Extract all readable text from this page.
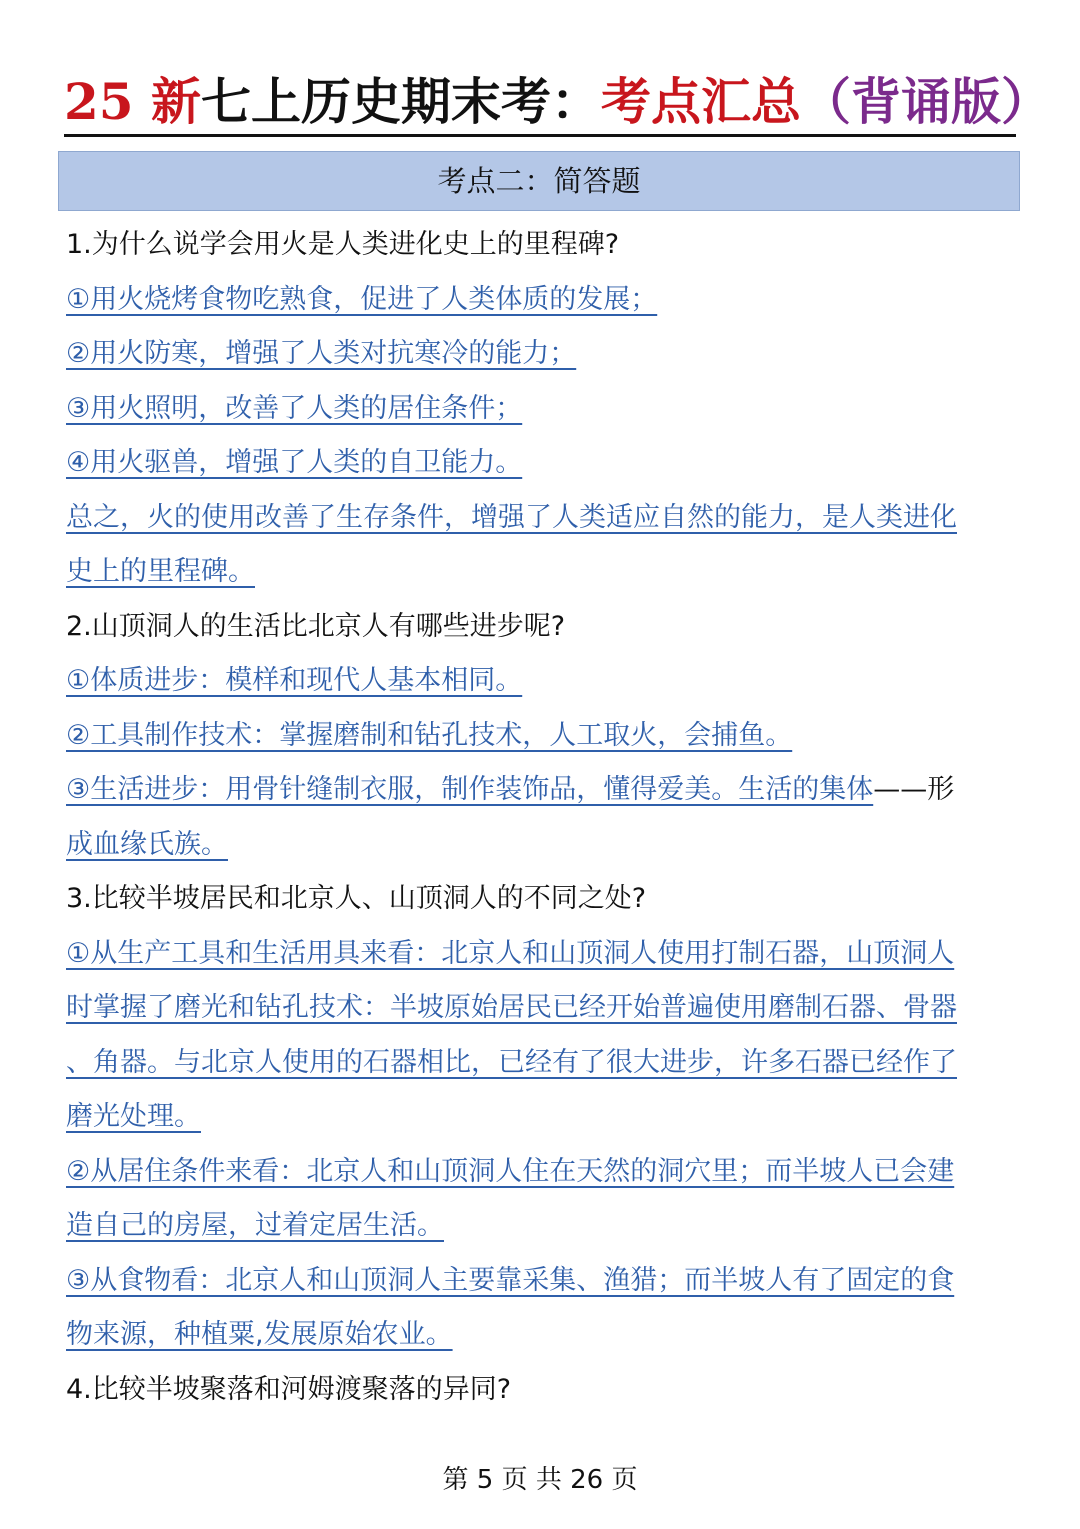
25 新七上历史期末考：考点汇总（背诵版）
考点二：简答题
1.为什么说学会用火是人类进化史上的里程碑?
①用火烧烤食物吃熟食，促进了人类体质的发展；
②用火防寒，增强了人类对抗寒冷的能力；
③用火照明，改善了人类的居住条件；
④用火驱兽，增强了人类的自卫能力。
总之，火的使用改善了生存条件，增强了人类适应自然的能力，是人类进化
史上的里程碑。
2.山顶洞人的生活比北京人有哪些进步呢?
①体质进步：模样和现代人基本相同。
②工具制作技术：掌握磨制和钻孔技术，人工取火，会捕鱼。
③生活进步：用骨针缝制衣服，制作装饰品，懂得爱美。生活的集体——形
成血缘氏族。
3.比较半坡居民和北京人、山顶洞人的不同之处?
①从生产工具和生活用具来看：北京人和山顶洞人使用打制石器，山顶洞人
时掌握了磨光和钻孔技术：半坡原始居民已经开始普遍使用磨制石器、骨器
、角器。与北京人使用的石器相比，已经有了很大进步，许多石器已经作了
磨光处理。
②从居住条件来看：北京人和山顶洞人住在天然的洞穴里；而半坡人已会建
造自己的房屋，过着定居生活。
③从食物看：北京人和山顶洞人主要靠采集、渔猎；而半坡人有了固定的食
物来源，种植粟,发展原始农业。
4.比较半坡聚落和河姆渡聚落的异同?
第 5 页 共 26 页
